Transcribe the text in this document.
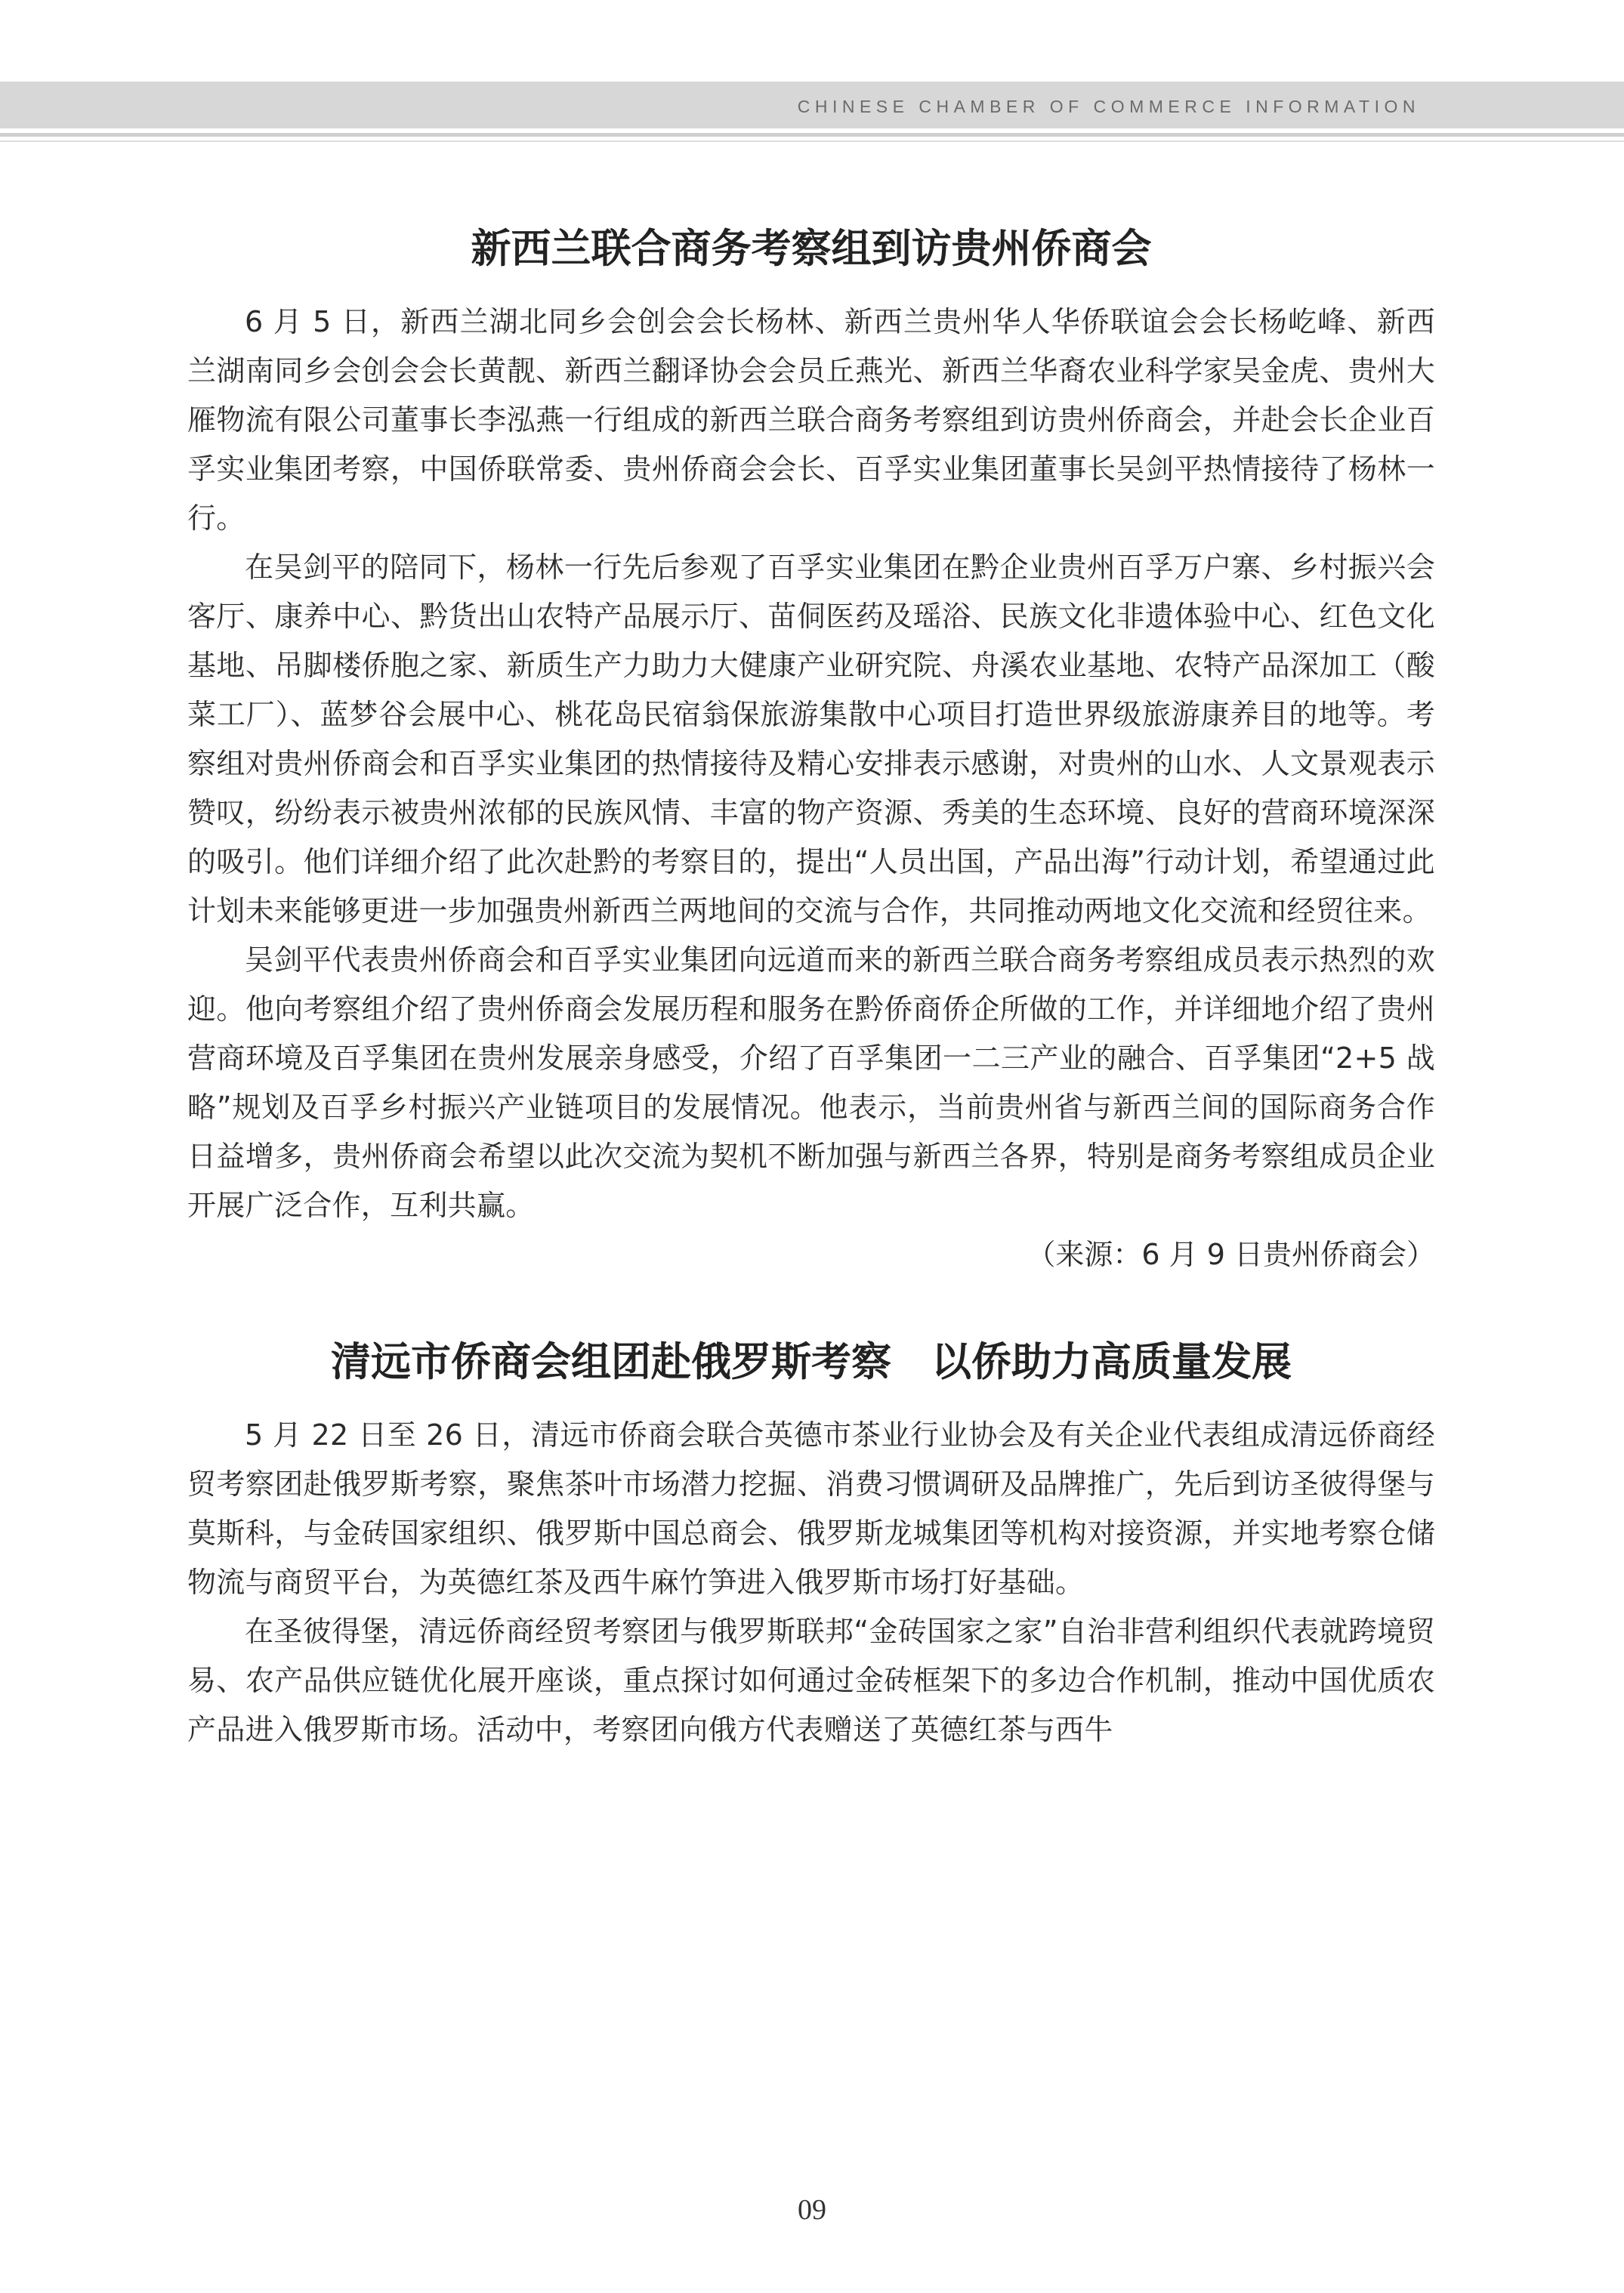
CHINESE CHAMBER OF COMMERCE INFORMATION
新西兰联合商务考察组到访贵州侨商会

6 月 5 日，新西兰湖北同乡会创会会长杨林、新西兰贵州华人华侨联谊会会长杨屹峰、新西兰湖南同乡会创会会长黄靓、新西兰翻译协会会员丘燕光、新西兰华裔农业科学家吴金虎、贵州大雁物流有限公司董事长李泓燕一行组成的新西兰联合商务考察组到访贵州侨商会，并赴会长企业百孚实业集团考察，中国侨联常委、贵州侨商会会长、百孚实业集团董事长吴剑平热情接待了杨林一行。

在吴剑平的陪同下，杨林一行先后参观了百孚实业集团在黔企业贵州百孚万户寨、乡村振兴会客厅、康养中心、黔货出山农特产品展示厅、苗侗医药及瑶浴、民族文化非遗体验中心、红色文化基地、吊脚楼侨胞之家、新质生产力助力大健康产业研究院、舟溪农业基地、农特产品深加工（酸菜工厂）、蓝梦谷会展中心、桃花岛民宿翁保旅游集散中心项目打造世界级旅游康养目的地等。考察组对贵州侨商会和百孚实业集团的热情接待及精心安排表示感谢，对贵州的山水、人文景观表示赞叹，纷纷表示被贵州浓郁的民族风情、丰富的物产资源、秀美的生态环境、良好的营商环境深深的吸引。他们详细介绍了此次赴黔的考察目的，提出“人员出国，产品出海”行动计划，希望通过此计划未来能够更进一步加强贵州新西兰两地间的交流与合作，共同推动两地文化交流和经贸往来。

吴剑平代表贵州侨商会和百孚实业集团向远道而来的新西兰联合商务考察组成员表示热烈的欢迎。他向考察组介绍了贵州侨商会发展历程和服务在黔侨商侨企所做的工作，并详细地介绍了贵州营商环境及百孚集团在贵州发展亲身感受，介绍了百孚集团一二三产业的融合、百孚集团“2+5 战略”规划及百孚乡村振兴产业链项目的发展情况。他表示，当前贵州省与新西兰间的国际商务合作日益增多，贵州侨商会希望以此次交流为契机不断加强与新西兰各界，特别是商务考察组成员企业开展广泛合作，互利共赢。

（来源：6 月 9 日贵州侨商会）

清远市侨商会组团赴俄罗斯考察　以侨助力高质量发展

5 月 22 日至 26 日，清远市侨商会联合英德市茶业行业协会及有关企业代表组成清远侨商经贸考察团赴俄罗斯考察，聚焦茶叶市场潜力挖掘、消费习惯调研及品牌推广，先后到访圣彼得堡与莫斯科，与金砖国家组织、俄罗斯中国总商会、俄罗斯龙城集团等机构对接资源，并实地考察仓储物流与商贸平台，为英德红茶及西牛麻竹笋进入俄罗斯市场打好基础。

在圣彼得堡，清远侨商经贸考察团与俄罗斯联邦“金砖国家之家”自治非营利组织代表就跨境贸易、农产品供应链优化展开座谈，重点探讨如何通过金砖框架下的多边合作机制，推动中国优质农产品进入俄罗斯市场。活动中，考察团向俄方代表赠送了英德红茶与西牛

09
